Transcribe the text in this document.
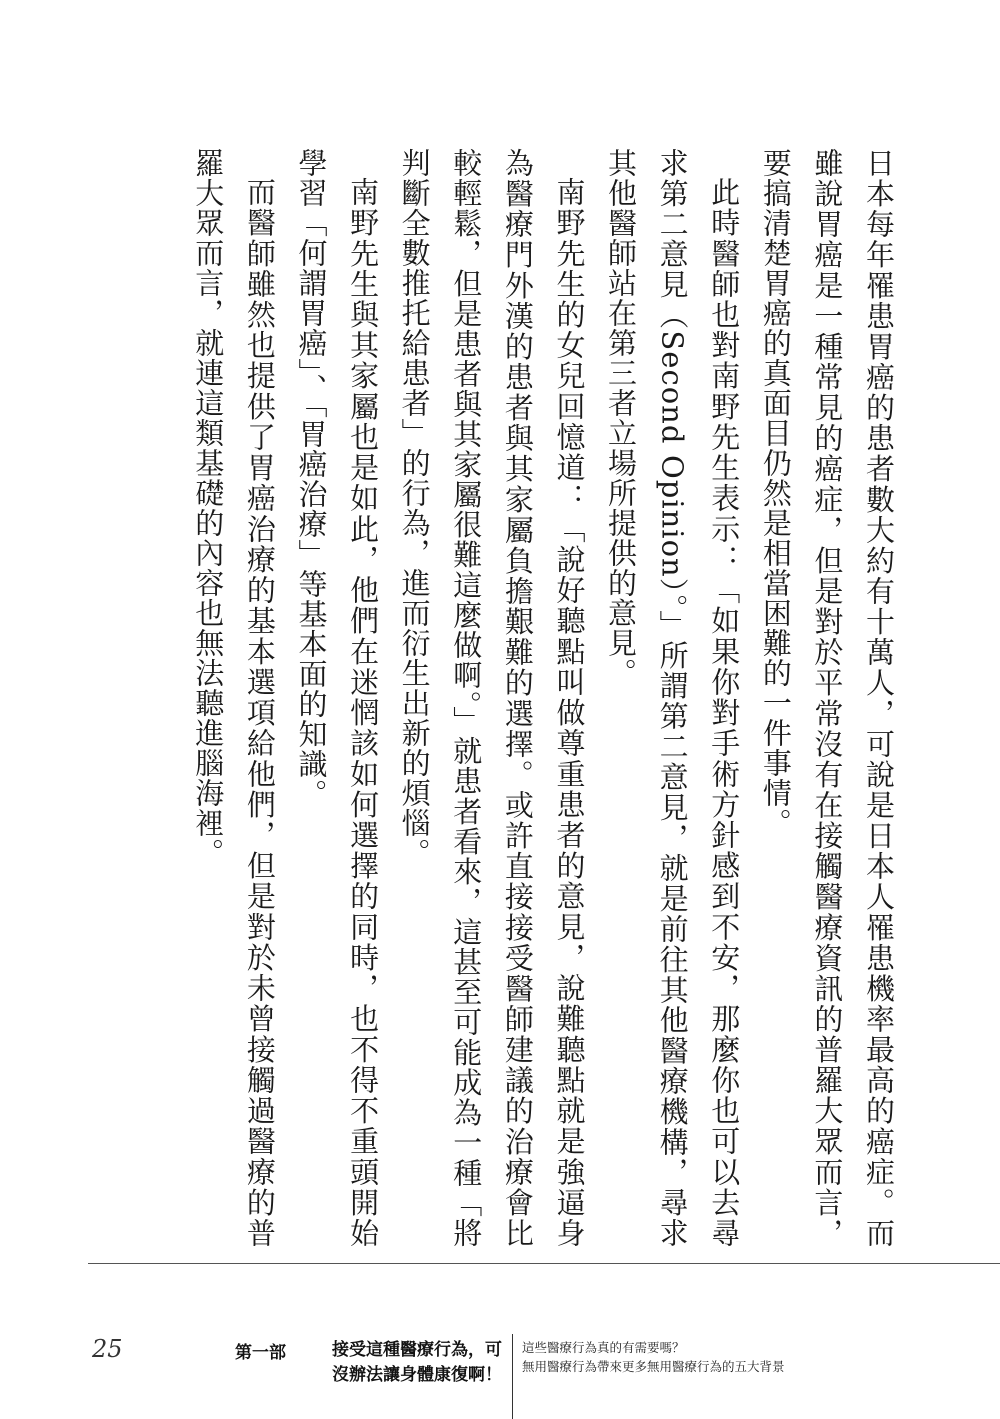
日本每年罹患胃癌的患者數大約有十萬人，可說是日本人罹患機率最高的癌症。而雖說胃癌是一種常見的癌症，但是對於平常沒有在接觸醫療資訊的普羅大眾而言，要搞清楚胃癌的真面目仍然是相當困難的一件事情。

此時醫師也對南野先生表示：「如果你對手術方針感到不安，那麼你也可以去尋求第二意見（Second Opinion）。」所謂第二意見，就是前往其他醫療機構，尋求其他醫師站在第三者立場所提供的意見。

南野先生的女兒回憶道：「說好聽點叫做尊重患者的意見，說難聽點就是強逼身為醫療門外漢的患者與其家屬負擔艱難的選擇。或許直接接受醫師建議的治療會比較輕鬆，但是患者與其家屬很難這麼做啊。」就患者看來，這甚至可能成為一種「將判斷全數推托給患者」的行為，進而衍生出新的煩惱。

南野先生與其家屬也是如此，他們在迷惘該如何選擇的同時，也不得不重頭開始學習「何謂胃癌」、「胃癌治療」等基本面的知識。

而醫師雖然也提供了胃癌治療的基本選項給他們，但是對於未曾接觸過醫療的普羅大眾而言，就連這類基礎的內容也無法聽進腦海裡。

25	第一部	接受這種醫療行為，可
沒辦法讓身體康復啊！
這些醫療行為真的有需要嗎？
無用醫療行為帶來更多無用醫療行為的五大背景
